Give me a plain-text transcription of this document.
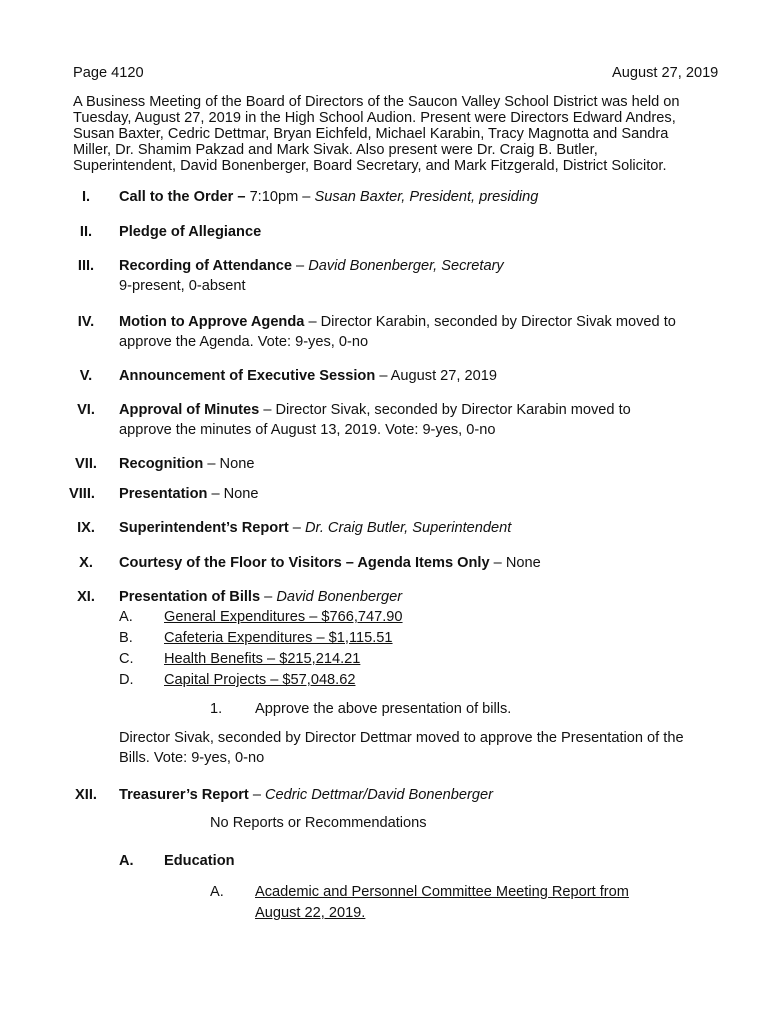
Page 4120	August 27, 2019
A Business Meeting of the Board of Directors of the Saucon Valley School District was held on
Tuesday, August 27, 2019 in the High School Audion. Present were Directors Edward Andres,
Susan Baxter, Cedric Dettmar, Bryan Eichfeld, Michael Karabin, Tracy Magnotta and Sandra
Miller, Dr. Shamim Pakzad and Mark Sivak. Also present were Dr. Craig B. Butler,
Superintendent, David Bonenberger, Board Secretary, and Mark Fitzgerald, District Solicitor.
I.	Call to the Order – 7:10pm – Susan Baxter, President, presiding
II.	Pledge of Allegiance
III.	Recording of Attendance – David Bonenberger, Secretary
9-present, 0-absent
IV.	Motion to Approve Agenda – Director Karabin, seconded by Director Sivak moved to
approve the Agenda. Vote: 9-yes, 0-no
V.	Announcement of Executive Session – August 27, 2019
VI.	Approval of Minutes – Director Sivak, seconded by Director Karabin moved to
approve the minutes of August 13, 2019. Vote: 9-yes, 0-no
VII.	Recognition – None
VIII.	Presentation – None
IX.	Superintendent’s Report – Dr. Craig Butler, Superintendent
X.	Courtesy of the Floor to Visitors – Agenda Items Only – None
XI.	Presentation of Bills – David Bonenberger
A. General Expenditures – $766,747.90
B. Cafeteria Expenditures – $1,115.51
C. Health Benefits – $215,214.21
D. Capital Projects – $57,048.62
1. Approve the above presentation of bills.
Director Sivak, seconded by Director Dettmar moved to approve the Presentation of the
Bills. Vote: 9-yes, 0-no
XII.	Treasurer’s Report – Cedric Dettmar/David Bonenberger
No Reports or Recommendations
A. Education
A. Academic and Personnel Committee Meeting Report from
August 22, 2019.
